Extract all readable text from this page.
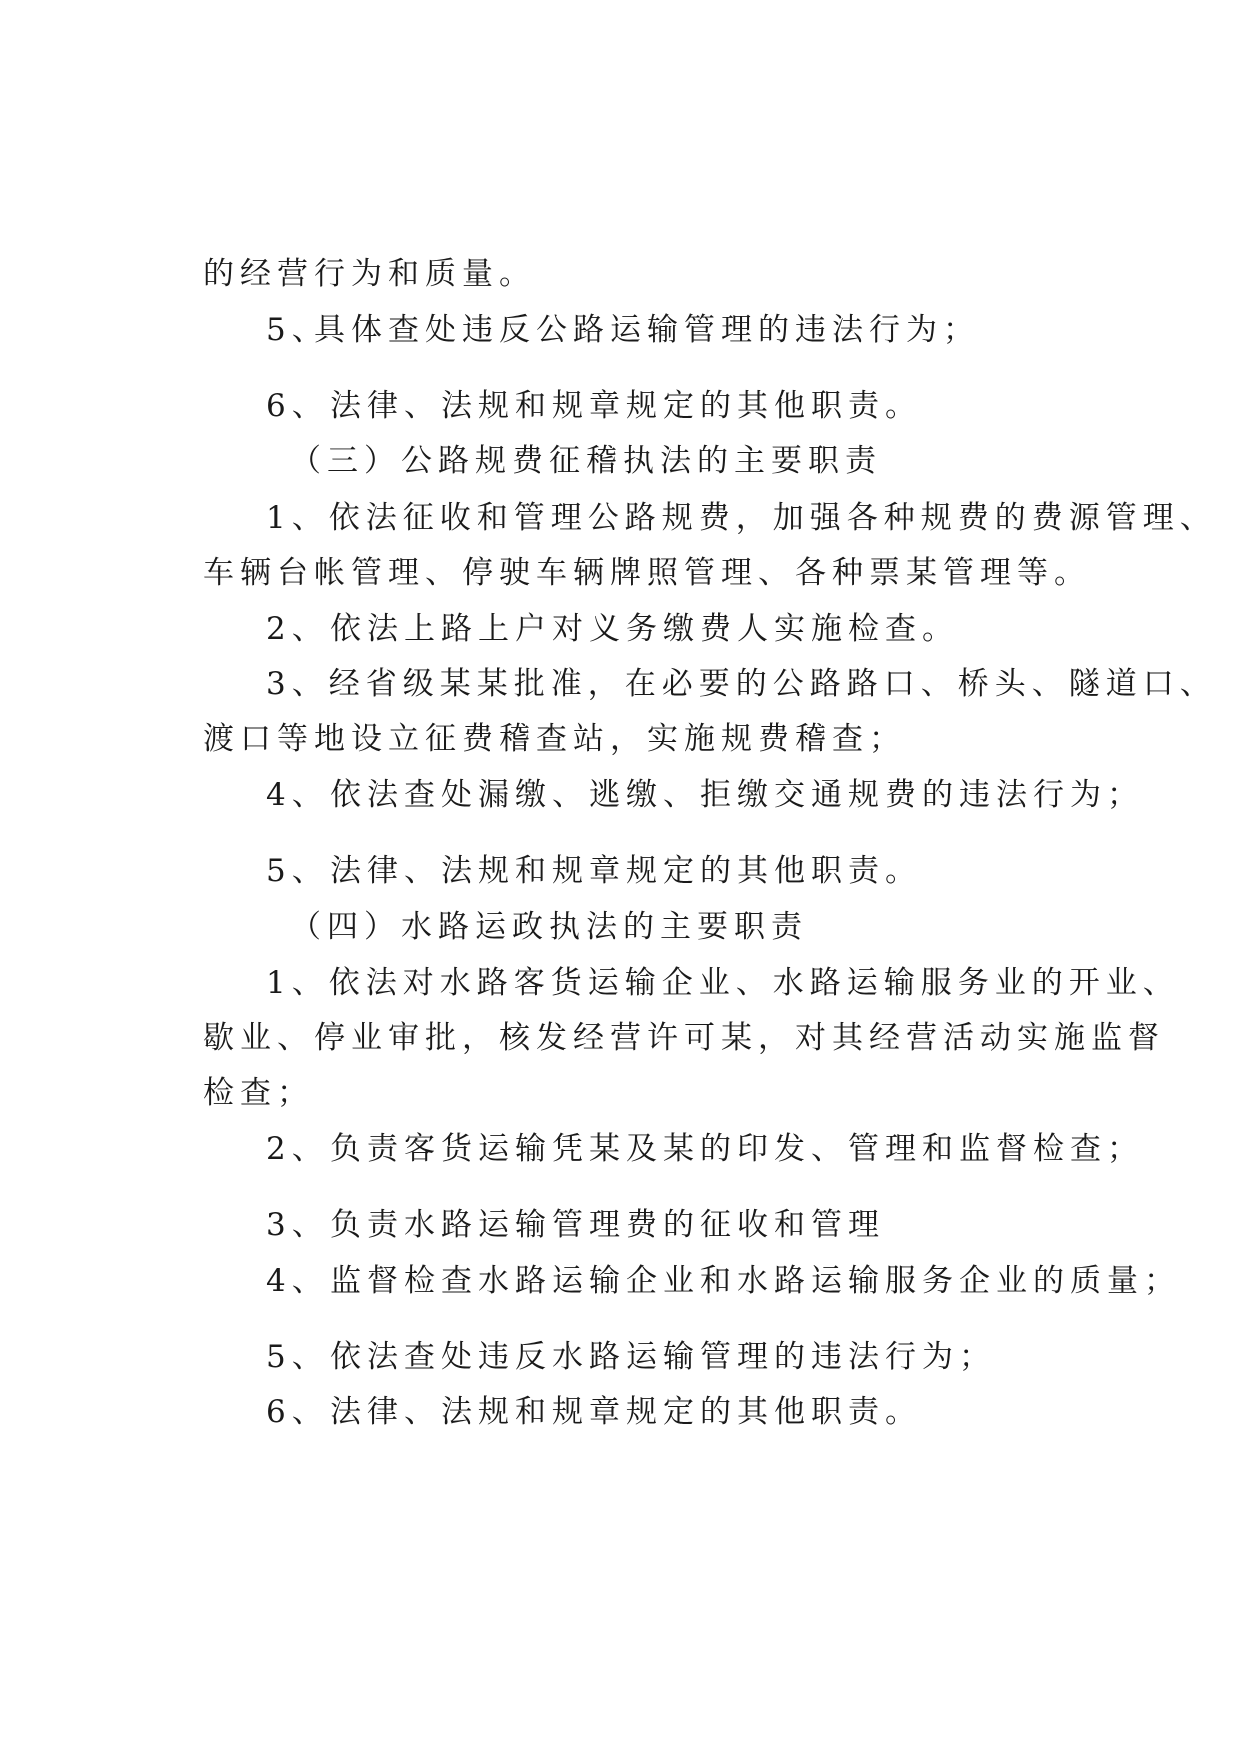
的经营行为和质量。

5、具体查处违反公路运输管理的违法行为；

6、法律、法规和规章规定的其他职责。

（三）公路规费征稽执法的主要职责

1、依法征收和管理公路规费，加强各种规费的费源管理、

车辆台帐管理、停驶车辆牌照管理、各种票某管理等。

2、依法上路上户对义务缴费人实施检查。

3、经省级某某批准，在必要的公路路口、桥头、隧道口、

渡口等地设立征费稽查站，实施规费稽查；

4、依法查处漏缴、逃缴、拒缴交通规费的违法行为；

5、法律、法规和规章规定的其他职责。

（四）水路运政执法的主要职责

1、依法对水路客货运输企业、水路运输服务业的开业、

歇业、停业审批，核发经营许可某，对其经营活动实施监督

检查；

2、负责客货运输凭某及某的印发、管理和监督检查；

3、负责水路运输管理费的征收和管理

4、监督检查水路运输企业和水路运输服务企业的质量；

5、依法查处违反水路运输管理的违法行为；

6、法律、法规和规章规定的其他职责。
